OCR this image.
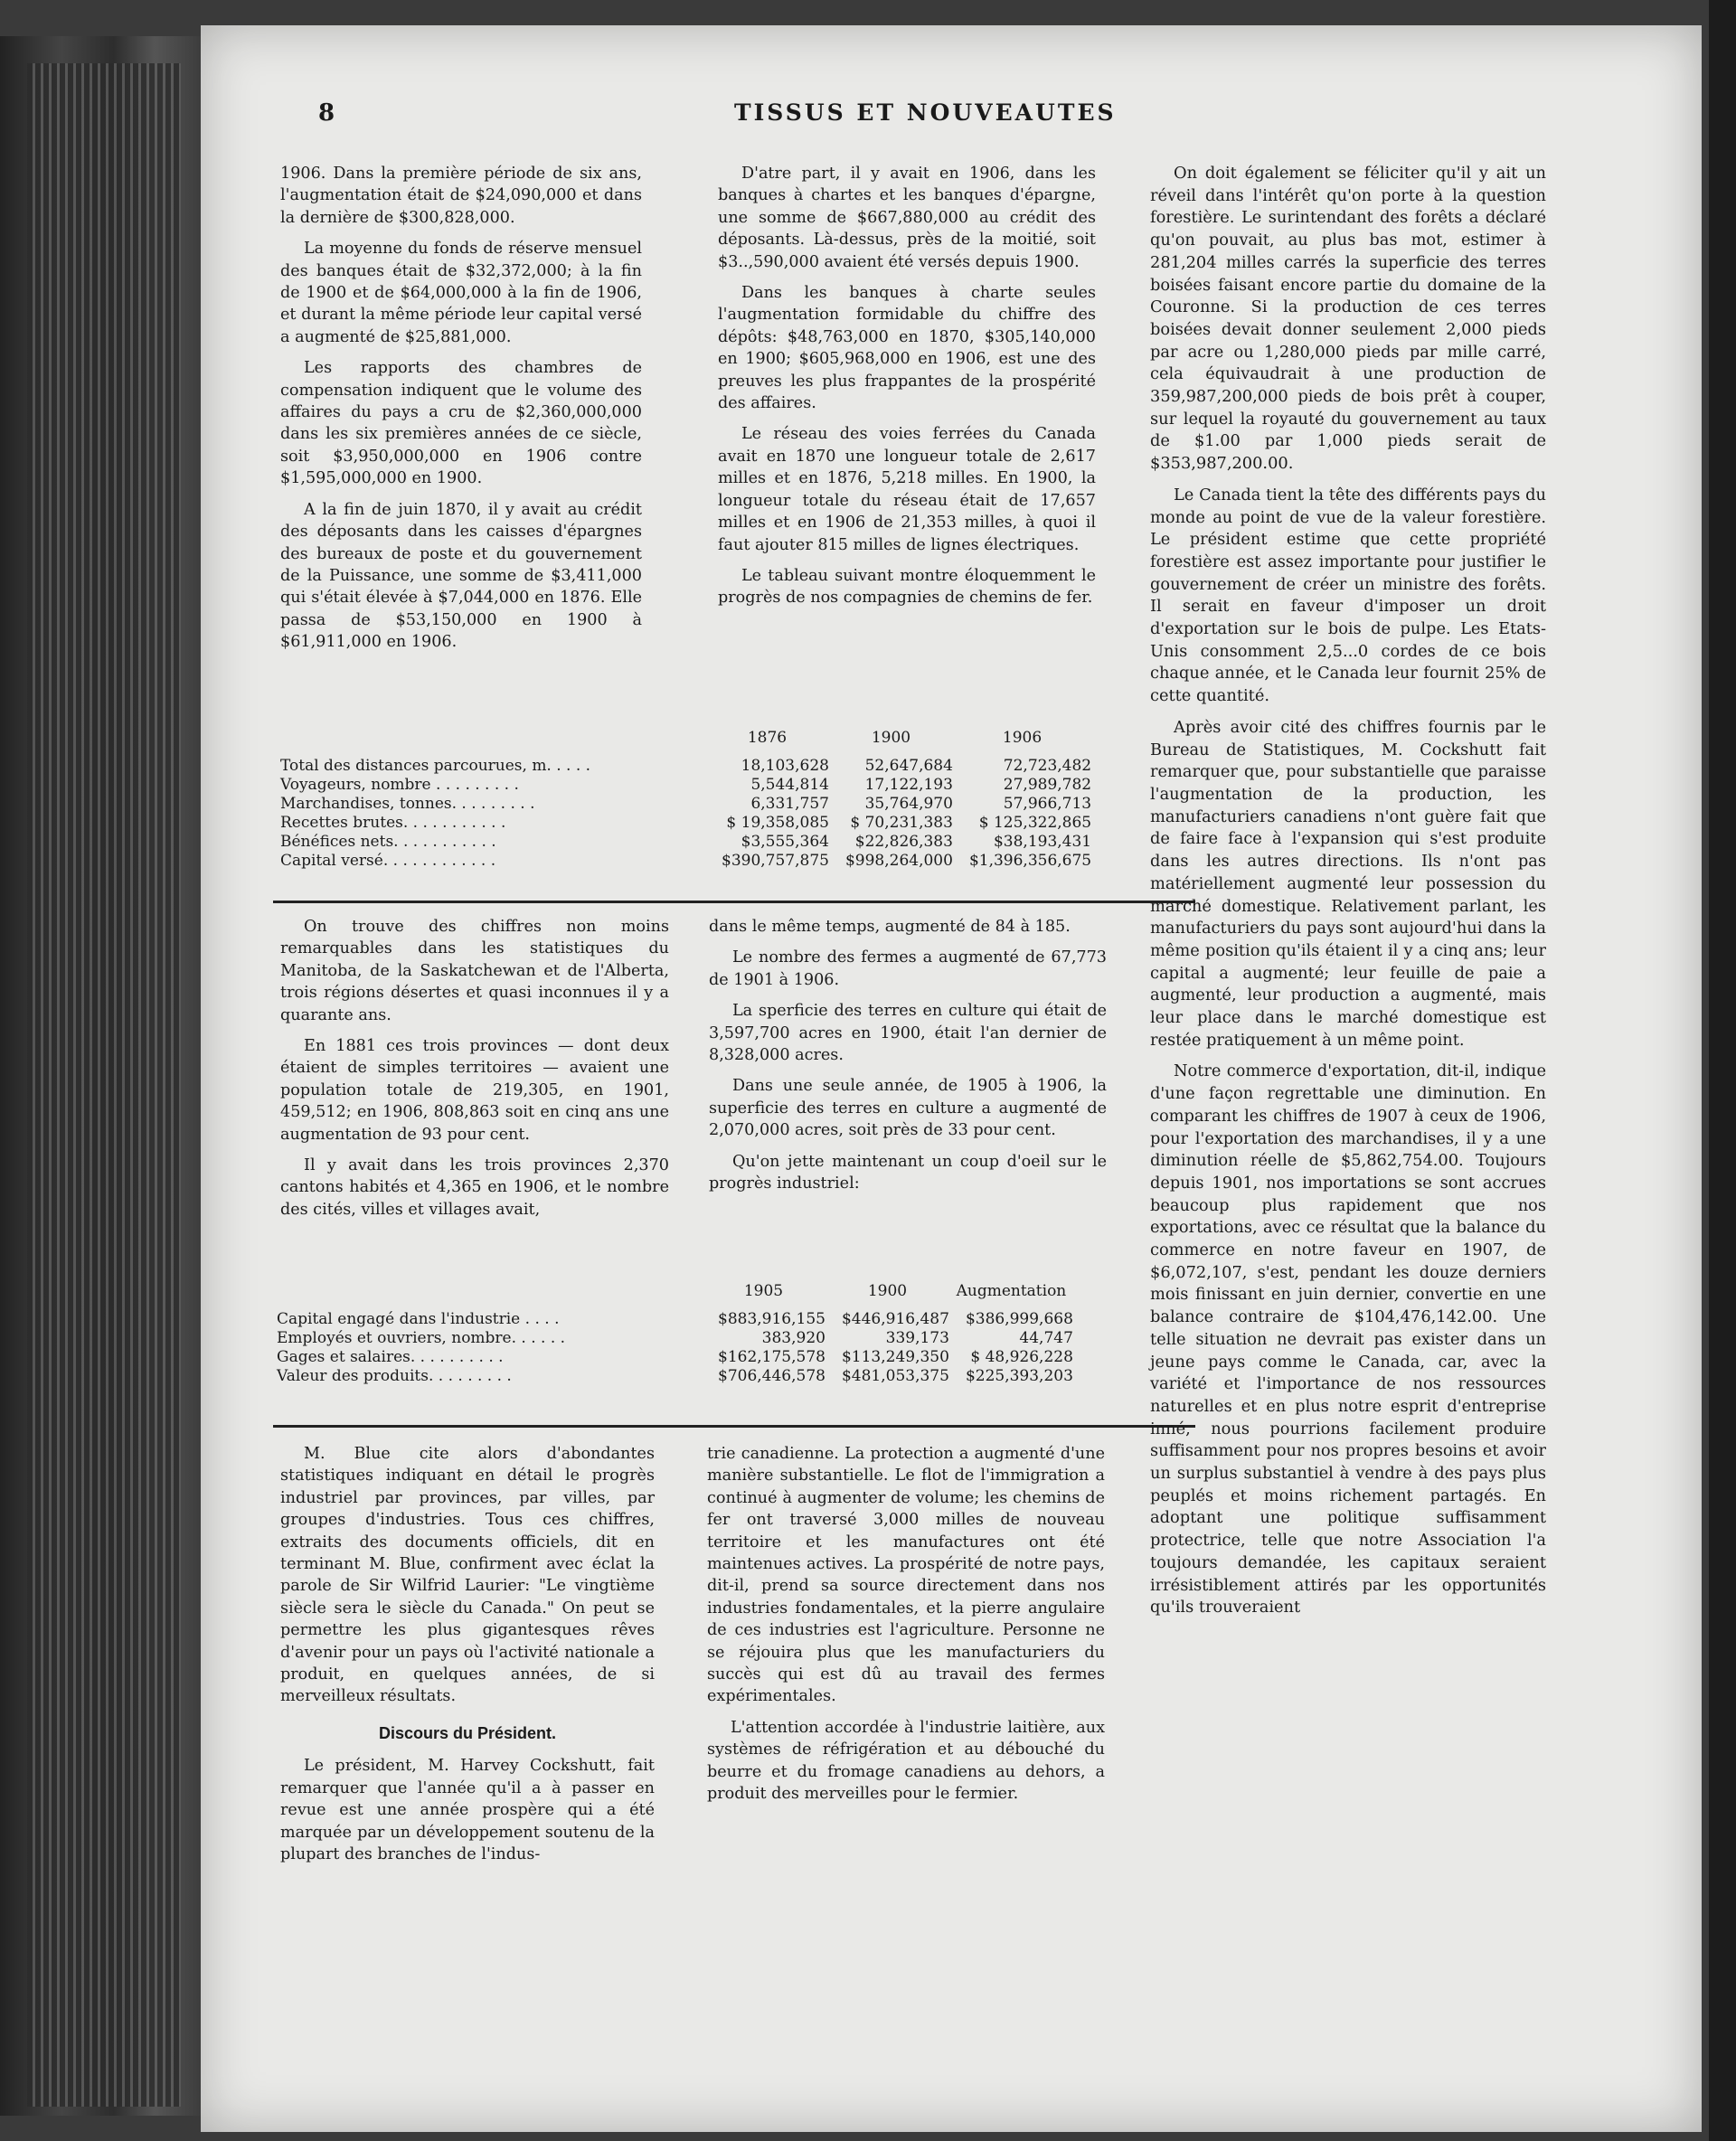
8	TISSUS ET NOUVEAUTES

1906. Dans la première période de six ans, l'augmentation était de $24,090,000 et dans la dernière de $300,828,000.

La moyenne du fonds de réserve mensuel des banques était de $32,372,000; à la fin de 1900 et de $64,000,000 à la fin de 1906, et durant la même période leur capital versé a augmenté de $25,881,000.

Les rapports des chambres de compensation indiquent que le volume des affaires du pays a cru de $2,360,000,000 dans les six premières années de ce siècle, soit $3,950,000,000 en 1906 contre $1,595,000,000 en 1900.

A la fin de juin 1870, il y avait au crédit des déposants dans les caisses d'épargnes des bureaux de poste et du gouvernement de la Puissance, une somme de $3,411,000 qui s'était élevée à $7,044,000 en 1876. Elle passa de $53,150,000 en 1900 à $61,911,000 en 1906.

D'atre part, il y avait en 1906, dans les banques à chartes et les banques d'épargne, une somme de $667,880,000 au crédit des déposants. Là-dessus, près de la moitié, soit $3..,590,000 avaient été versés depuis 1900.

Dans les banques à charte seules l'augmentation formidable du chiffre des dépôts: $48,763,000 en 1870, $305,140,000 en 1900; $605,968,000 en 1906, est une des preuves les plus frappantes de la prospérité des affaires.

Le réseau des voies ferrées du Canada avait en 1870 une longueur totale de 2,617 milles et en 1876, 5,218 milles. En 1900, la longueur totale du réseau était de 17,657 milles et en 1906 de 21,353 milles, à quoi il faut ajouter 815 milles de lignes électriques.

Le tableau suivant montre éloquemment le progrès de nos compagnies de chemins de fer.

	1876	1900	1906

Total des distances parcourues, m. . . . .	18,103,628	52,647,684	72,723,482
Voyageurs, nombre . . . . . . . . .	5,544,814	17,122,193	27,989,782
Marchandises, tonnes. . . . . . . . .	6,331,757	35,764,970	57,966,713
Recettes brutes. . . . . . . . . . .	$ 19,358,085	$ 70,231,383	$ 125,322,865
Bénéfices nets. . . . . . . . . . .	$3,555,364	$22,826,383	$38,193,431
Capital versé. . . . . . . . . . . .	$390,757,875	$998,264,000	$1,396,356,675

On trouve des chiffres non moins remarquables dans les statistiques du Manitoba, de la Saskatchewan et de l'Alberta, trois régions désertes et quasi inconnues il y a quarante ans.

En 1881 ces trois provinces — dont deux étaient de simples territoires — avaient une population totale de 219,305, en 1901, 459,512; en 1906, 808,863 soit en cinq ans une augmentation de 93 pour cent.

Il y avait dans les trois provinces 2,370 cantons habités et 4,365 en 1906, et le nombre des cités, villes et villages avait,

dans le même temps, augmenté de 84 à 185.

Le nombre des fermes a augmenté de 67,773 de 1901 à 1906.

La sperficie des terres en culture qui était de 3,597,700 acres en 1900, était l'an dernier de 8,328,000 acres.

Dans une seule année, de 1905 à 1906, la superficie des terres en culture a augmenté de 2,070,000 acres, soit près de 33 pour cent.

Qu'on jette maintenant un coup d'oeil sur le progrès industriel:

	1905	1900	Augmentation

Capital engagé dans l'industrie . . . .	$883,916,155	$446,916,487	$386,999,668
Employés et ouvriers, nombre. . . . . .	383,920	339,173	44,747
Gages et salaires. . . . . . . . . .	$162,175,578	$113,249,350	$ 48,926,228
Valeur des produits. . . . . . . . .	$706,446,578	$481,053,375	$225,393,203

M. Blue cite alors d'abondantes statistiques indiquant en détail le progrès industriel par provinces, par villes, par groupes d'industries. Tous ces chiffres, extraits des documents officiels, dit en terminant M. Blue, confirment avec éclat la parole de Sir Wilfrid Laurier: "Le vingtième siècle sera le siècle du Canada." On peut se permettre les plus gigantesques rêves d'avenir pour un pays où l'activité nationale a produit, en quelques années, de si merveilleux résultats.

Discours du Président.

Le président, M. Harvey Cockshutt, fait remarquer que l'année qu'il a à passer en revue est une année prospère qui a été marquée par un développement soutenu de la plupart des branches de l'indus-

trie canadienne. La protection a augmenté d'une manière substantielle. Le flot de l'immigration a continué à augmenter de volume; les chemins de fer ont traversé 3,000 milles de nouveau territoire et les manufactures ont été maintenues actives. La prospérité de notre pays, dit-il, prend sa source directement dans nos industries fondamentales, et la pierre angulaire de ces industries est l'agriculture. Personne ne se réjouira plus que les manufacturiers du succès qui est dû au travail des fermes expérimentales.

L'attention accordée à l'industrie laitière, aux systèmes de réfrigération et au débouché du beurre et du fromage canadiens au dehors, a produit des merveilles pour le fermier.

On doit également se féliciter qu'il y ait un réveil dans l'intérêt qu'on porte à la question forestière. Le surintendant des forêts a déclaré qu'on pouvait, au plus bas mot, estimer à 281,204 milles carrés la superficie des terres boisées faisant encore partie du domaine de la Couronne. Si la production de ces terres boisées devait donner seulement 2,000 pieds par acre ou 1,280,000 pieds par mille carré, cela équivaudrait à une production de 359,987,200,000 pieds de bois prêt à couper, sur lequel la royauté du gouvernement au taux de $1.00 par 1,000 pieds serait de $353,987,200.00.

Le Canada tient la tête des différents pays du monde au point de vue de la valeur forestière. Le président estime que cette propriété forestière est assez importante pour justifier le gouvernement de créer un ministre des forêts. Il serait en faveur d'imposer un droit d'exportation sur le bois de pulpe. Les Etats-Unis consomment 2,5...0 cordes de ce bois chaque année, et le Canada leur fournit 25% de cette quantité.

Après avoir cité des chiffres fournis par le Bureau de Statistiques, M. Cockshutt fait remarquer que, pour substantielle que paraisse l'augmentation de la production, les manufacturiers canadiens n'ont guère fait que de faire face à l'expansion qui s'est produite dans les autres directions. Ils n'ont pas matériellement augmenté leur possession du marché domestique. Relativement parlant, les manufacturiers du pays sont aujourd'hui dans la même position qu'ils étaient il y a cinq ans; leur capital a augmenté; leur feuille de paie a augmenté, leur production a augmenté, mais leur place dans le marché domestique est restée pratiquement à un même point.

Notre commerce d'exportation, dit-il, indique d'une façon regrettable une diminution. En comparant les chiffres de 1907 à ceux de 1906, pour l'exportation des marchandises, il y a une diminution réelle de $5,862,754.00. Toujours depuis 1901, nos importations se sont accrues beaucoup plus rapidement que nos exportations, avec ce résultat que la balance du commerce en notre faveur en 1907, de $6,072,107, s'est, pendant les douze derniers mois finissant en juin dernier, convertie en une balance contraire de $104,476,142.00. Une telle situation ne devrait pas exister dans un jeune pays comme le Canada, car, avec la variété et l'importance de nos ressources naturelles et en plus notre esprit d'entreprise inné, nous pourrions facilement produire suffisamment pour nos propres besoins et avoir un surplus substantiel à vendre à des pays plus peuplés et moins richement partagés. En adoptant une politique suffisamment protectrice, telle que notre Association l'a toujours demandée, les capitaux seraient irrésistiblement attirés par les opportunités qu'ils trouveraient
